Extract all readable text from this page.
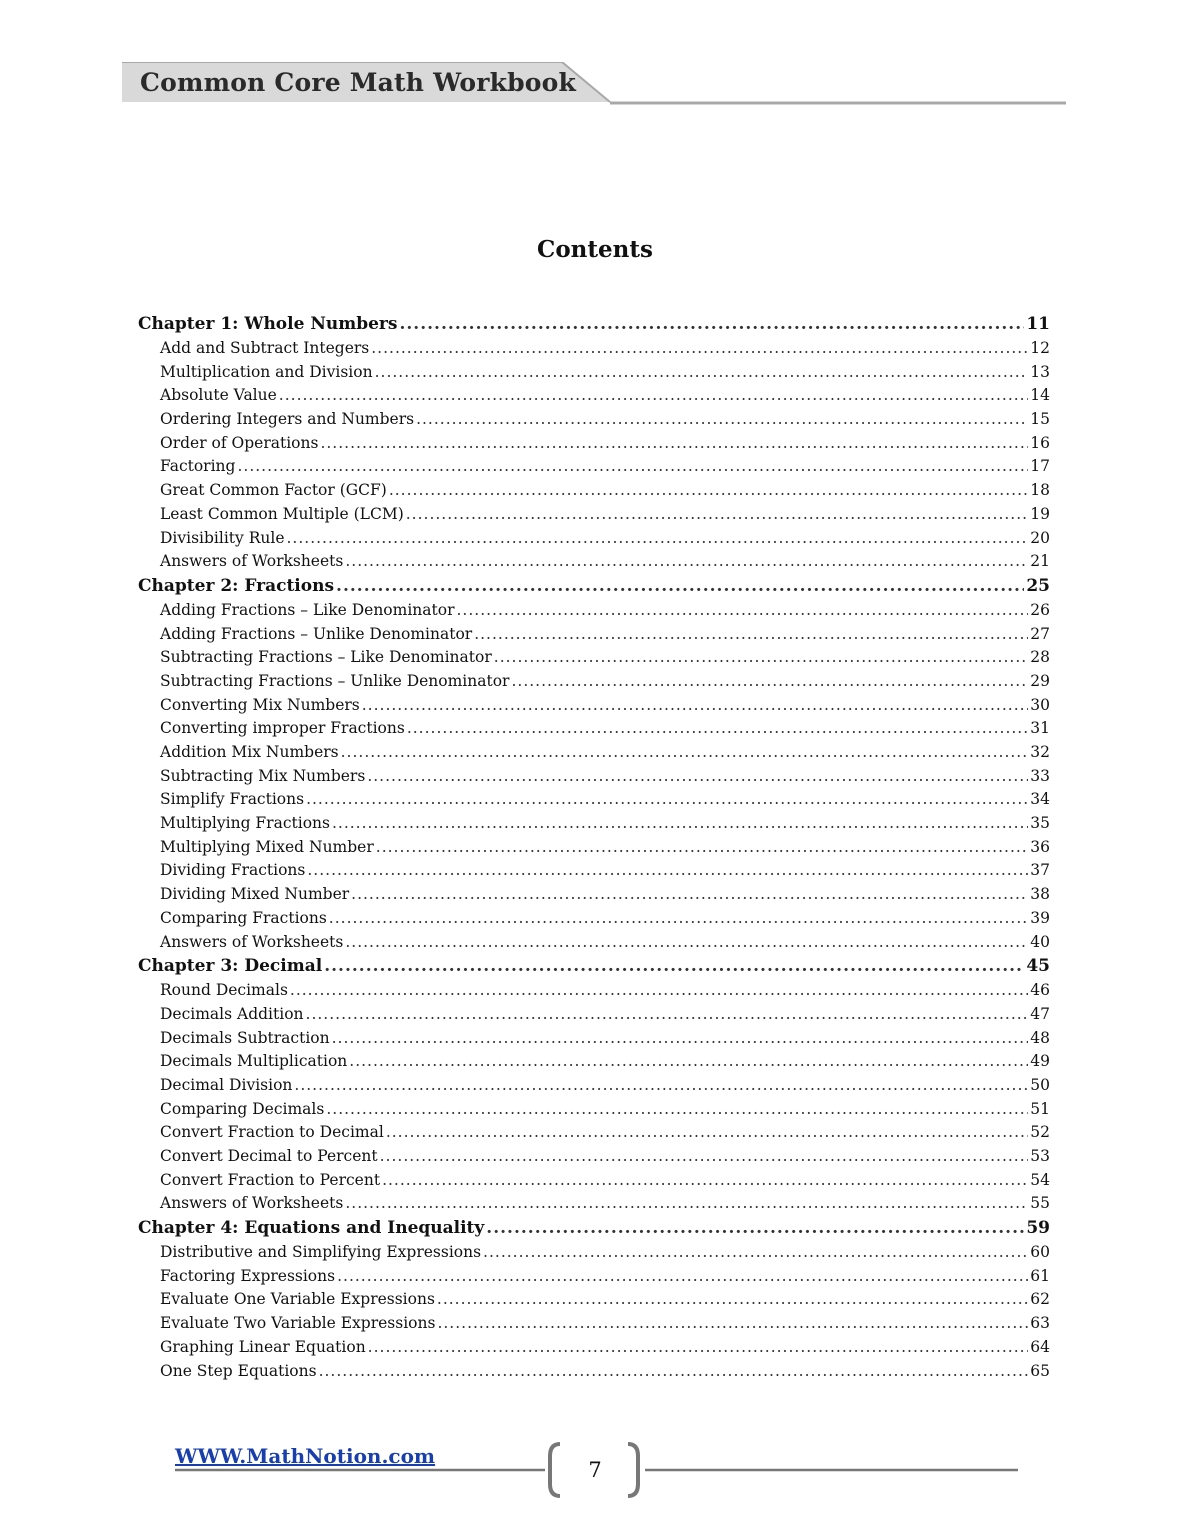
Common Core Math Workbook
Contents
Chapter 1: Whole Numbers .....	11
Add and Subtract Integers .....	12
Multiplication and Division .....	13
Absolute Value .....	14
Ordering Integers and Numbers .....	15
Order of Operations .....	16
Factoring .....	17
Great Common Factor (GCF) .....	18
Least Common Multiple (LCM) .....	19
Divisibility Rule .....	20
Answers of Worksheets .....	21
Chapter 2: Fractions .....	25
Adding Fractions – Like Denominator .....	26
Adding Fractions – Unlike Denominator .....	27
Subtracting Fractions – Like Denominator .....	28
Subtracting Fractions – Unlike Denominator .....	29
Converting Mix Numbers .....	30
Converting improper Fractions .....	31
Addition Mix Numbers .....	32
Subtracting Mix Numbers .....	33
Simplify Fractions .....	34
Multiplying Fractions .....	35
Multiplying Mixed Number .....	36
Dividing Fractions .....	37
Dividing Mixed Number .....	38
Comparing Fractions .....	39
Answers of Worksheets .....	40
Chapter 3: Decimal .....	45
Round Decimals .....	46
Decimals Addition .....	47
Decimals Subtraction .....	48
Decimals Multiplication .....	49
Decimal Division .....	50
Comparing Decimals .....	51
Convert Fraction to Decimal .....	52
Convert Decimal to Percent .....	53
Convert Fraction to Percent .....	54
Answers of Worksheets .....	55
Chapter 4: Equations and Inequality .....	59
Distributive and Simplifying Expressions .....	60
Factoring Expressions .....	61
Evaluate One Variable Expressions .....	62
Evaluate Two Variable Expressions .....	63
Graphing Linear Equation .....	64
One Step Equations .....	65
WWW.MathNotion.com
7
